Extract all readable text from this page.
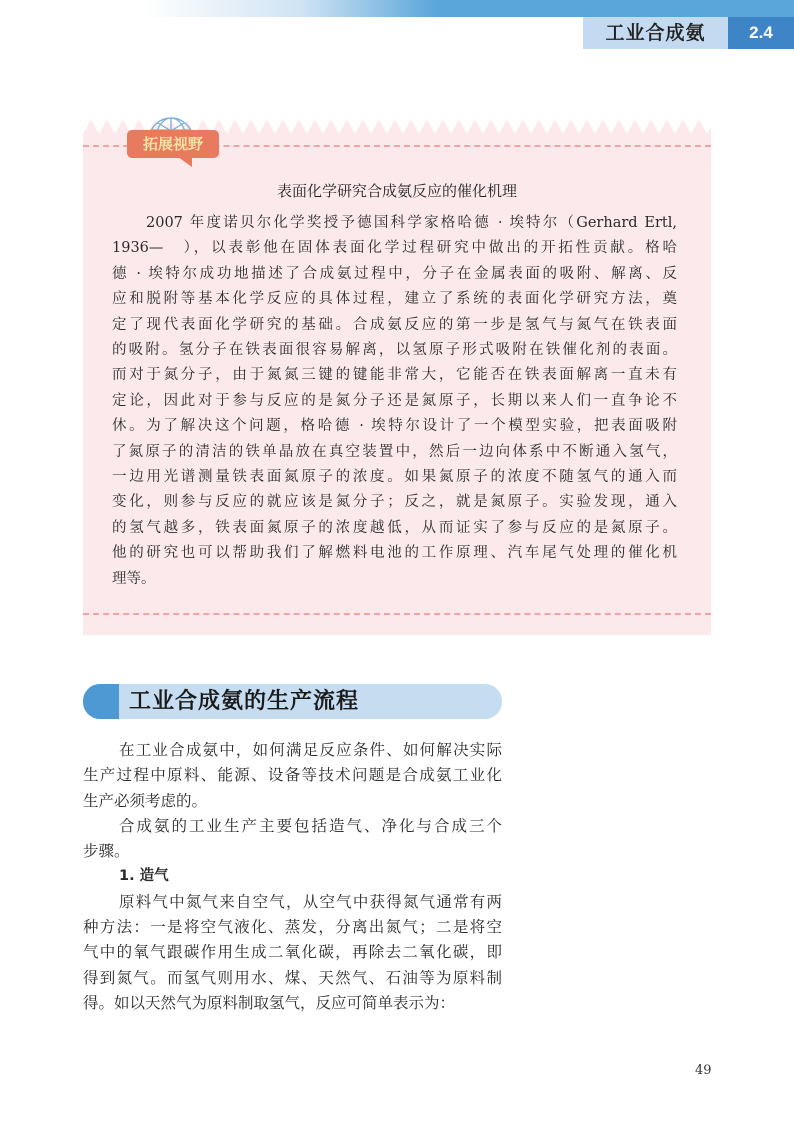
工业合成氨	2.4
拓展视野
表面化学研究合成氨反应的催化机理
2007 年度诺贝尔化学奖授予德国科学家格哈德 · 埃特尔（Gerhard Ertl,
1936—　），以表彰他在固体表面化学过程研究中做出的开拓性贡献。格哈
德 · 埃特尔成功地描述了合成氨过程中，分子在金属表面的吸附、解离、反
应和脱附等基本化学反应的具体过程，建立了系统的表面化学研究方法，奠
定了现代表面化学研究的基础。合成氨反应的第一步是氢气与氮气在铁表面
的吸附。氢分子在铁表面很容易解离，以氢原子形式吸附在铁催化剂的表面。
而对于氮分子，由于氮氮三键的键能非常大，它能否在铁表面解离一直未有
定论，因此对于参与反应的是氮分子还是氮原子，长期以来人们一直争论不
休。为了解决这个问题，格哈德 · 埃特尔设计了一个模型实验，把表面吸附
了氮原子的清洁的铁单晶放在真空装置中，然后一边向体系中不断通入氢气，
一边用光谱测量铁表面氮原子的浓度。如果氮原子的浓度不随氢气的通入而
变化，则参与反应的就应该是氮分子；反之，就是氮原子。实验发现，通入
的氢气越多，铁表面氮原子的浓度越低，从而证实了参与反应的是氮原子。
他的研究也可以帮助我们了解燃料电池的工作原理、汽车尾气处理的催化机
理等。
工业合成氨的生产流程
在工业合成氨中，如何满足反应条件、如何解决实际
生产过程中原料、能源、设备等技术问题是合成氨工业化
生产必须考虑的。
合成氨的工业生产主要包括造气、净化与合成三个
步骤。
1. 造气
原料气中氮气来自空气，从空气中获得氮气通常有两
种方法：一是将空气液化、蒸发，分离出氮气；二是将空
气中的氧气跟碳作用生成二氧化碳，再除去二氧化碳，即
得到氮气。而氢气则用水、煤、天然气、石油等为原料制
得。如以天然气为原料制取氢气，反应可简单表示为：
49
